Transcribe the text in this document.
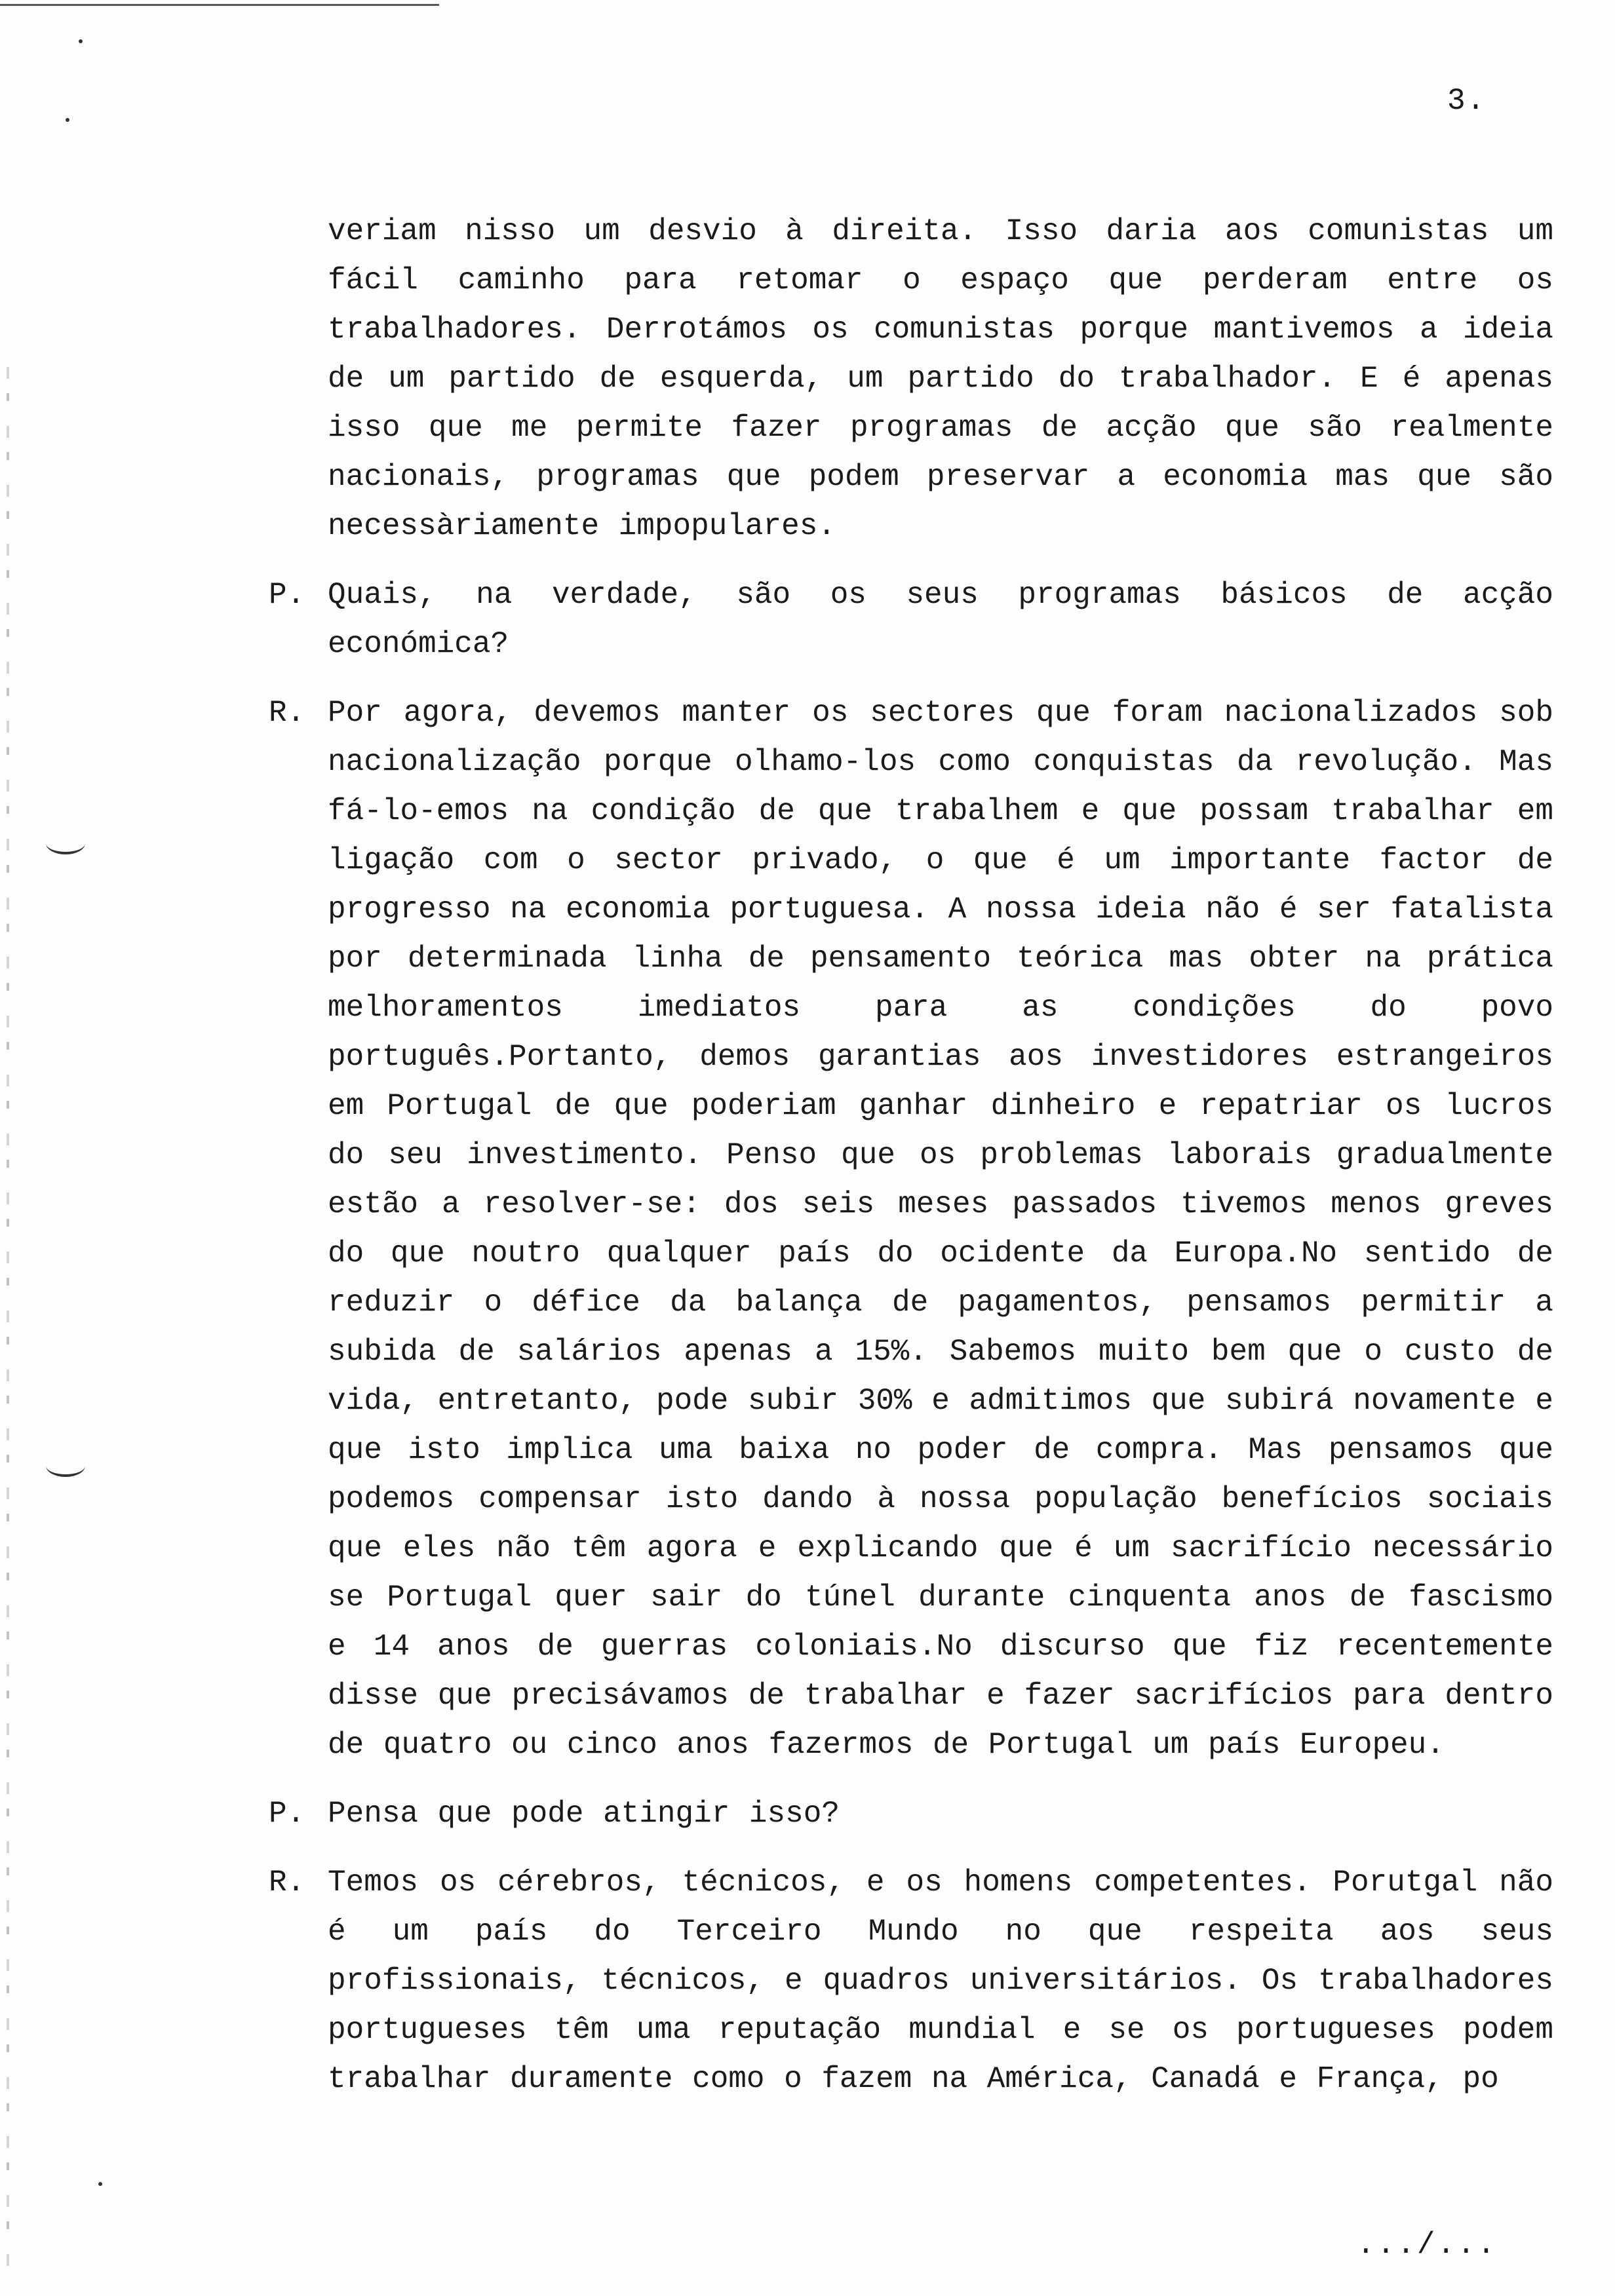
3.
veriam nisso um desvio à direita. Isso daria aos comunistas um fácil caminho para retomar o espaço que perderam entre os trabalhadores. Derrotámos os comunistas porque mantivemos a ideia de um partido de esquerda, um partido do trabalhador. E é apenas isso que me permite fazer programas de acção que são realmente nacionais, programas que podem preservar a economia mas que são necessàriamente impopulares.
P. Quais, na verdade, são os seus programas básicos de acção económica?
R. Por agora, devemos manter os sectores que foram nacionalizados sob nacionalização porque olhamo-los como conquistas da revolução. Mas fá-lo-emos na condição de que trabalhem e que possam trabalhar em ligação com o sector privado, o que é um importante factor de progresso na economia portuguesa. A nossa ideia não é ser fatalista por determinada linha de pensamento teórica mas obter na prática melhoramentos imediatos para as condições do povo português.Portanto, demos garantias aos investidores estrangeiros em Portugal de que poderiam ganhar dinheiro e repatriar os lucros do seu investimento. Penso que os problemas laborais gradualmente estão a resolver-se: dos seis meses passados tivemos menos greves do que noutro qualquer país do ocidente da Europa.No sentido de reduzir o défice da balança de pagamentos, pensamos permitir a subida de salários apenas a 15%. Sabemos muito bem que o custo de vida, entretanto, pode subir 30% e admitimos que subirá novamente e que isto implica uma baixa no poder de compra. Mas pensamos que podemos compensar isto dando à nossa população benefícios sociais que eles não têm agora e explicando que é um sacrifício necessário se Portugal quer sair do túnel durante cinquenta anos de fascismo e 14 anos de guerras coloniais.No discurso que fiz recentemente disse que precisávamos de trabalhar e fazer sacrifícios para dentro de quatro ou cinco anos fazermos de Portugal um país Europeu.
P. Pensa que pode atingir isso?
R. Temos os cérebros, técnicos, e os homens competentes. Porutgal não é um país do Terceiro Mundo no que respeita aos seus profissionais, técnicos, e quadros universitários. Os trabalhadores portugueses têm uma reputação mundial e se os portugueses podem trabalhar duramente como o fazem na América, Canadá e França, po
.../...
